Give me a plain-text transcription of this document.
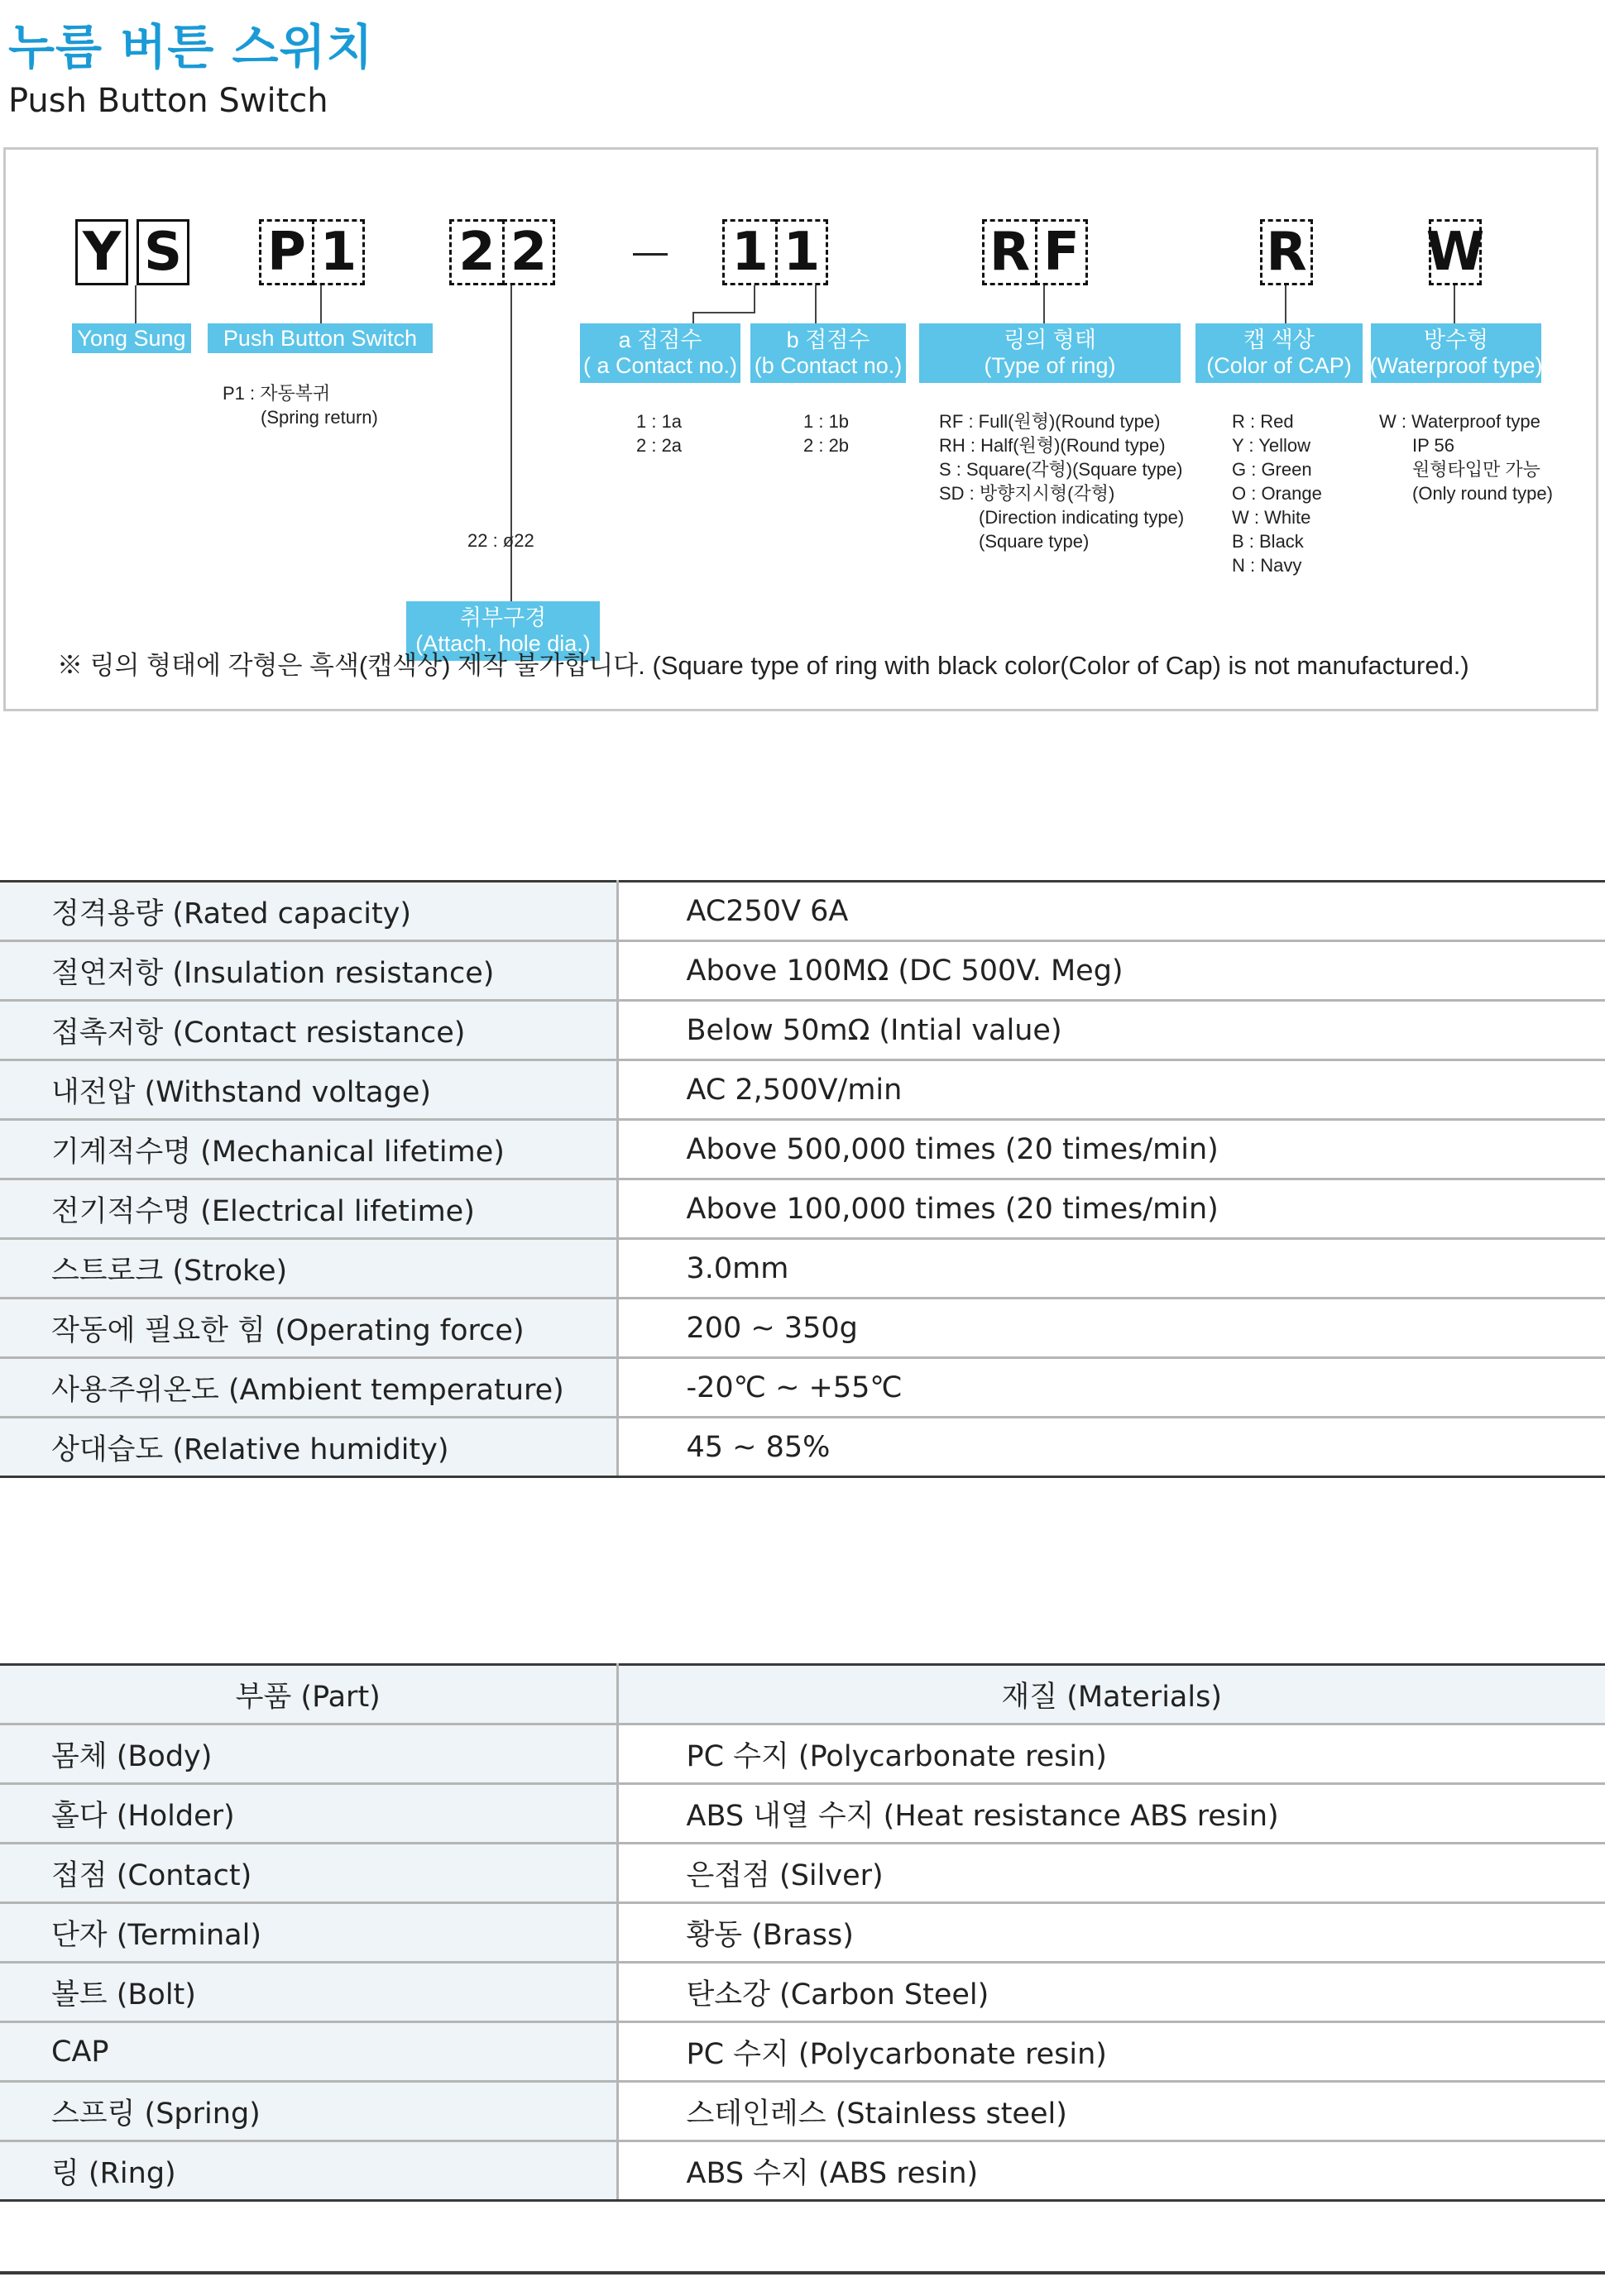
누름 버튼 스위치
Push Button Switch
Y S P 1 2 2	1 1	R F	R W
Yong Sung Push Button Switch
취부구경
(Attach. hole dia.)
a 접점수
( a Contact no.)
b 접점수
(b Contact no.)
링의 형태
(Type of ring)
캡 색상
(Color of CAP)
방수형
(Waterproof type)
P1 : 자동복귀
(Spring return)
22 : ø22
1 : 1a
2 : 2a
1 : 1b
2 : 2b
RF : Full(원형)(Round type)
RH : Half(원형)(Round type)
S : Square(각형)(Square type)
SD : 방향지시형(각형)
(Direction indicating type)
(Square type)
R : Red
Y : Yellow
G : Green
O : Orange
W : White
B : Black
N : Navy
W : Waterproof type
IP 56
원형타입만 가능
(Only round type)
※ 링의 형태에 각형은 흑색(캡색상) 제작 불가합니다. (Square type of ring with black color(Color of Cap) is not manufactured.)
정격용량 (Rated capacity)	AC250V 6A
절연저항 (Insulation resistance)	Above 100MΩ (DC 500V. Meg)
접촉저항 (Contact resistance)	Below 50mΩ (Intial value)
내전압 (Withstand voltage)	AC 2,500V/min
기계적수명 (Mechanical lifetime)	Above 500,000 times (20 times/min)
전기적수명 (Electrical lifetime)	Above 100,000 times (20 times/min)
스트로크 (Stroke)	3.0mm
작동에 필요한 힘 (Operating force)	200 ~ 350g
사용주위온도 (Ambient temperature)	-20℃ ~ +55℃
상대습도 (Relative humidity)	45 ~ 85%
부품 (Part)	재질 (Materials)
몸체 (Body)	PC 수지 (Polycarbonate resin)
홀다 (Holder)	ABS 내열 수지 (Heat resistance ABS resin)
접점 (Contact)	은접점 (Silver)
단자 (Terminal)	황동 (Brass)
볼트 (Bolt)	탄소강 (Carbon Steel)
CAP	PC 수지 (Polycarbonate resin)
스프링 (Spring)	스테인레스 (Stainless steel)
링 (Ring)	ABS 수지 (ABS resin)
